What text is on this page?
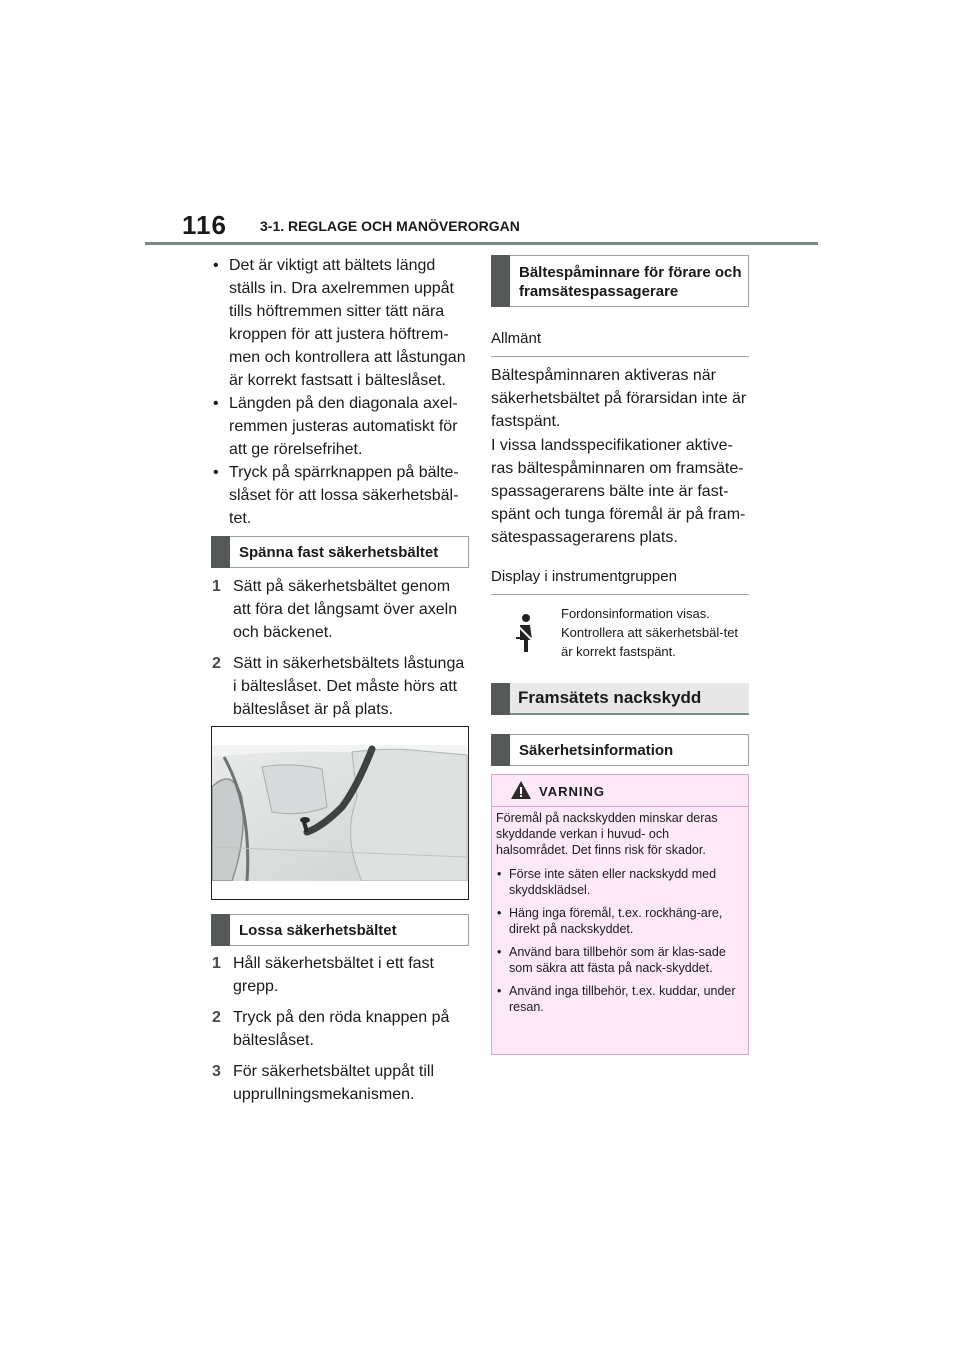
116 3-1. REGLAGE OCH MANÖVERORGAN
• Det är viktigt att bältets längd ställs in. Dra axelremmen uppåt tills höftremmen sitter tätt nära kroppen för att justera höftrem-men och kontrollera att låstungan är korrekt fastsatt i bälteslåset.
• Längden på den diagonala axel-remmen justeras automatiskt för att ge rörelsefrihet.
• Tryck på spärrknappen på bälte-slåset för att lossa säkerhetsbäl-tet.
Spänna fast säkerhetsbältet
1 Sätt på säkerhetsbältet genom att föra det långsamt över axeln och bäckenet.
2 Sätt in säkerhetsbältets låstunga i bälteslåset. Det måste hörs att bälteslåset är på plats.
Lossa säkerhetsbältet
1 Håll säkerhetsbältet i ett fast grepp.
2 Tryck på den röda knappen på bälteslåset.
3 För säkerhetsbältet uppåt till upprullningsmekanismen.
Bältespåminnare för förare och framsätespassagerare
Allmänt
Bältespåminnaren aktiveras när säkerhetsbältet på förarsidan inte är fastspänt.
I vissa landsspecifikationer aktive-ras bältespåminnaren om framsäte-spassagerarens bälte inte är fast-spänt och tunga föremål är på fram-sätespassagerarens plats.
Display i instrumentgruppen
Fordonsinformation visas. Kontrollera att säkerhetsbäl-tet är korrekt fastspänt.
Framsätets nackskydd
Säkerhetsinformation
VARNING
Föremål på nackskydden minskar deras skyddande verkan i huvud- och halsområdet. Det finns risk för skador.
• Förse inte säten eller nackskydd med skyddsklädsel.
• Häng inga föremål, t.ex. rockhäng-are, direkt på nackskyddet.
• Använd bara tillbehör som är klas-sade som säkra att fästa på nack-skyddet.
• Använd inga tillbehör, t.ex. kuddar, under resan.
